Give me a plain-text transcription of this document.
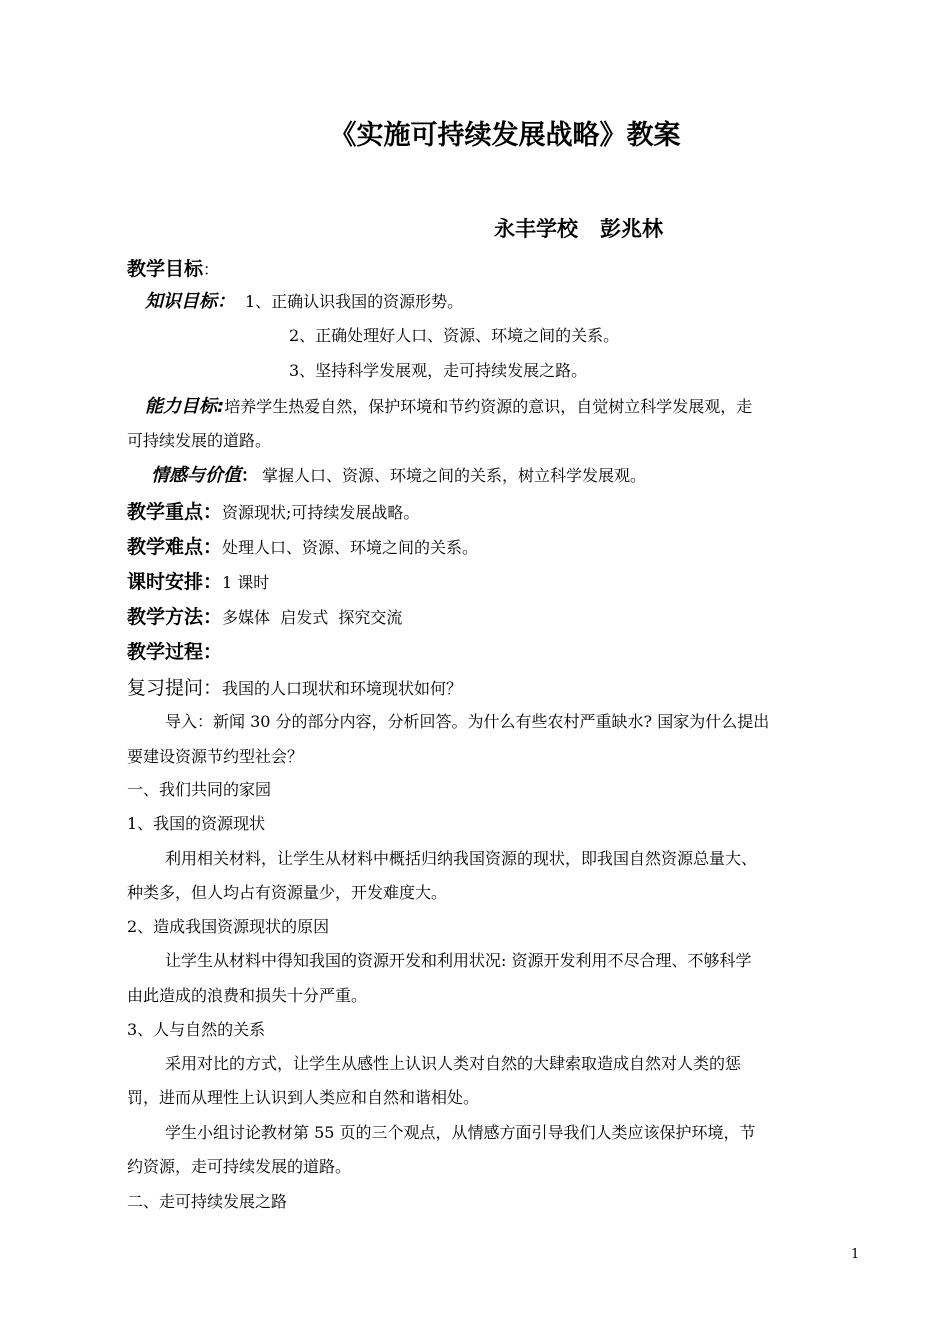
《实施可持续发展战略》教案
永丰学校 彭兆林
教学目标：
知识目标： 1、正确认识我国的资源形势。
2、正确处理好人口、资源、环境之间的关系。
3、坚持科学发展观，走可持续发展之路。
能力目标:培养学生热爱自然，保护环境和节约资源的意识，自觉树立科学发展观，走
可持续发展的道路。
情感与价值： 掌握人口、资源、环境之间的关系，树立科学发展观。
教学重点：资源现状;可持续发展战略。
教学难点：处理人口、资源、环境之间的关系。
课时安排：1 课时
教学方法：多媒体  启发式  探究交流
教学过程：
复习提问：我国的人口现状和环境现状如何？
导入：新闻 30 分的部分内容，分析回答。为什么有些农村严重缺水? 国家为什么提出
要建设资源节约型社会？
一、我们共同的家园
1、我国的资源现状
利用相关材料，让学生从材料中概括归纳我国资源的现状，即我国自然资源总量大、
种类多，但人均占有资源量少，开发难度大。
2、造成我国资源现状的原因
让学生从材料中得知我国的资源开发和利用状况: 资源开发利用不尽合理、不够科学
由此造成的浪费和损失十分严重。
3、人与自然的关系
采用对比的方式，让学生从感性上认识人类对自然的大肆索取造成自然对人类的惩
罚，进而从理性上认识到人类应和自然和谐相处。
学生小组讨论教材第 55 页的三个观点，从情感方面引导我们人类应该保护环境，节
约资源，走可持续发展的道路。
二、走可持续发展之路
1
